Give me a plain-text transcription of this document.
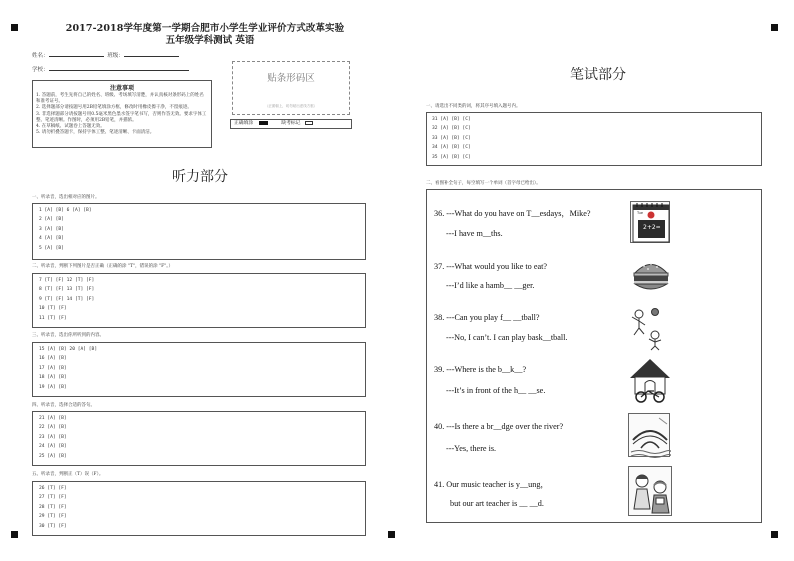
2017-2018学年度第一学期合肥市小学生学业评价方式改革实验
五年级学科测试 英语
姓名：	班级：
学校：
注意事项
1. 答题前，考生先将自己的姓名、班级、考场填写清楚，并认真核对条形码上的姓名和准考证号。
2. 选择题部分请按题号用2B铅笔填涂方框，修改时用橡皮擦干净，不留痕迹。
3. 非选择题部分请按题号用0.5毫米黑色墨水签字笔书写，否则作答无效。要求字体工整、笔迹清晰。作图时，必须用2B铅笔，并描浓。
4. 在草稿纸、试题卷上答题无效。
5. 请勿折叠答题卡，保持字体工整、笔迹清晰、卡面清洁。
贴条形码区
（正面朝上，切勿贴出虚线方框）
正确填涂	缺考标记
听力部分
一、听录音，选出相对应的图片。
1 [A] [B] 6 [A] [B]
2 [A] [B]
3 [A] [B]
4 [A] [B]
5 [A] [B]
二、听录音，判断下列图片是否正确（正确的涂 "T"，错误的涂 "F"。）
7 [T] [F] 12 [T] [F]
8 [T] [F] 13 [T] [F]
9 [T] [F] 14 [T] [F]
10 [T] [F]
11 [T] [F]
三、听录音，选出你所听到的内容。
15 [A] [B] 20 [A] [B]
16 [A] [B]
17 [A] [B]
18 [A] [B]
19 [A] [B]
四、听录音，选择合适的答句。
21 [A] [B]
22 [A] [B]
23 [A] [B]
24 [A] [B]
25 [A] [B]
五、听录音，判断正（T）误（F）。
26 [T] [F]
27 [T] [F]
28 [T] [F]
29 [T] [F]
30 [T] [F]
笔试部分
一、请选出不同类的词，将其序号填入题号内。
31 [A] [B] [C]
32 [A] [B] [C]
33 [A] [B] [C]
34 [A] [B] [C]
35 [A] [B] [C]
二、看图补全句子，每空填写一个单词（首字母已给出）。
36. ---What do you have on T__esdays，Mike?
---I have m__ths.
2+2=
Tue
37. ---What would you like to eat?
---I’d like a hamb__ __ger.
38. ---Can you play f__ __tball?
---No, I can’t. I can play bask__tball.
39. ---Where is the b__k__?
---It’s in front of the h__ __se.
40. ---Is there a br__dge over the river?
---Yes, there is.
41. Our music teacher is y__ung，
but our art teacher is __ __d.
